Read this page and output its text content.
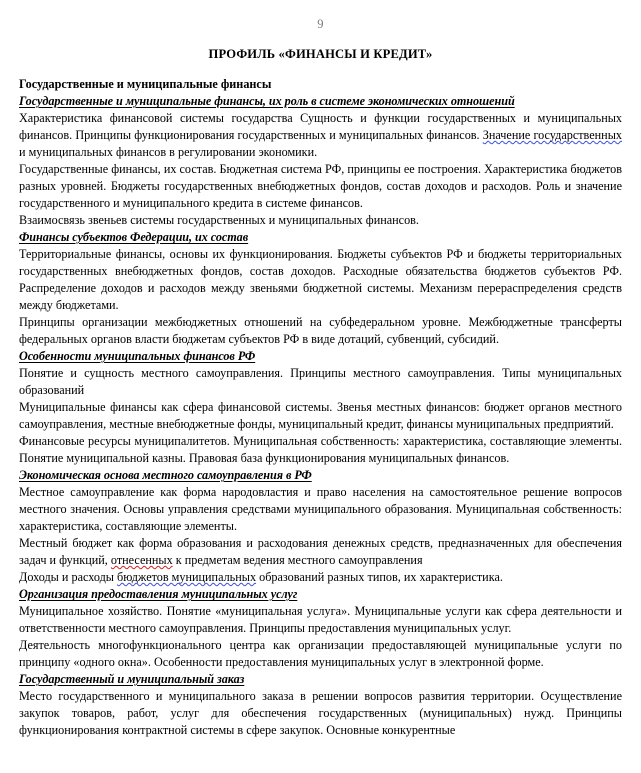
9
ПРОФИЛЬ «ФИНАНСЫ И КРЕДИТ»

Государственные и муниципальные финансы

Государственные и муниципальные финансы, их роль в системе экономических отношений

Характеристика финансовой системы государства Сущность и функции государственных и муниципальных финансов. Принципы функционирования государственных и муниципальных финансов. Значение государственных и муниципальных финансов в регулировании экономики.

Государственные финансы, их состав. Бюджетная система РФ, принципы ее построения. Характеристика бюджетов разных уровней. Бюджеты государственных внебюджетных фондов, состав доходов и расходов. Роль и значение государственного и муниципального кредита в системе финансов.

Взаимосвязь звеньев системы государственных и муниципальных финансов.

Финансы субъектов Федерации, их состав

Территориальные финансы, основы их функционирования. Бюджеты субъектов РФ и бюджеты территориальных государственных внебюджетных фондов, состав доходов. Расходные обязательства бюджетов субъектов РФ. Распределение доходов и расходов между звеньями бюджетной системы. Механизм перераспределения средств между бюджетами.

Принципы организации межбюджетных отношений на субфедеральном уровне. Межбюджетные трансферты федеральных органов власти бюджетам субъектов РФ в виде дотаций, субвенций, субсидий.

Особенности муниципальных финансов РФ

Понятие и сущность местного самоуправления. Принципы местного самоуправления. Типы муниципальных образований

Муниципальные финансы как сфера финансовой системы. Звенья местных финансов: бюджет органов местного самоуправления, местные внебюджетные фонды, муниципальный кредит, финансы муниципальных предприятий.

Финансовые ресурсы муниципалитетов. Муниципальная собственность: характеристика, составляющие элементы. Понятие муниципальной казны. Правовая база функционирования муниципальных финансов.

Экономическая основа местного самоуправления в РФ

Местное самоуправление как форма народовластия и право населения на самостоятельное решение вопросов местного значения. Основы управления средствами муниципального образования. Муниципальная собственность: характеристика, составляющие элементы.

Местный бюджет как форма образования и расходования денежных средств, предназначенных для обеспечения задач и функций, отнесенных к предметам ведения местного самоуправления

Доходы и расходы бюджетов муниципальных образований разных типов, их характеристика.

Организация предоставления муниципальных услуг

Муниципальное хозяйство. Понятие «муниципальная услуга». Муниципальные услуги как сфера деятельности и ответственности местного самоуправления. Принципы предоставления муниципальных услуг.

Деятельность многофункционального центра как организации предоставляющей муниципальные услуги по принципу «одного окна». Особенности предоставления муниципальных услуг в электронной форме.

Государственный и муниципальный заказ

Место государственного и муниципального заказа в решении вопросов развития территории. Осуществление закупок товаров, работ, услуг для обеспечения государственных (муниципальных) нужд. Принципы функционирования контрактной системы в сфере закупок. Основные конкурентные
